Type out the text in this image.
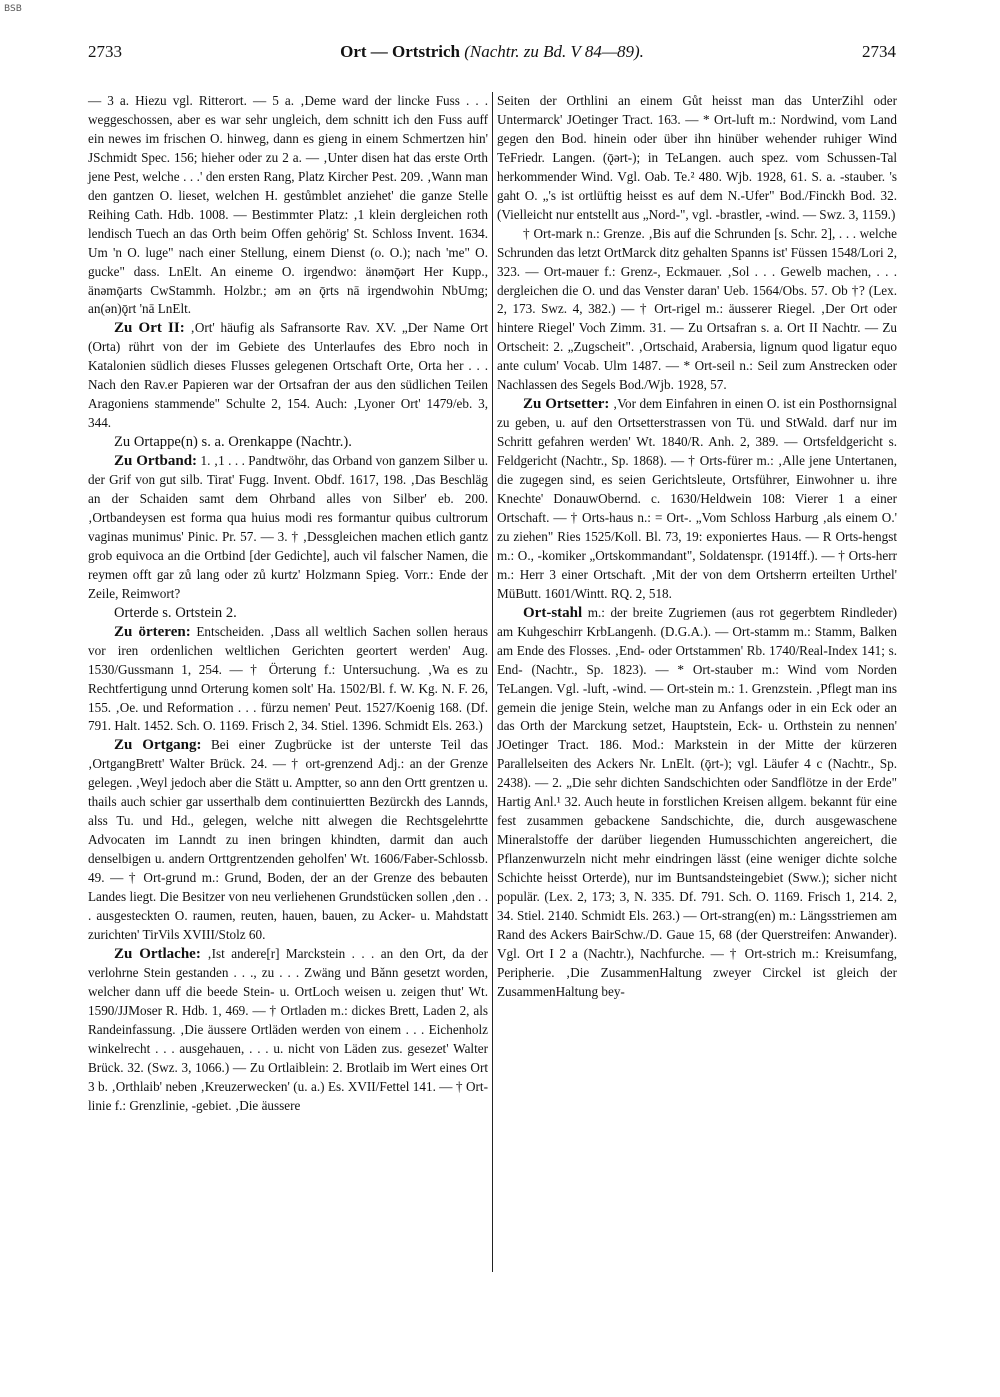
BSB
2733	Ort — Ortstrich (Nachtr. zu Bd. V 84—89).	2734

— 3 a. Hiezu vgl. Ritterort. — 5 a. ‚Deme ward der lincke Fuss . . . weggeschossen, aber es war sehr ungleich, dem schnitt ich den Fuss auff ein newes im frischen O. hinweg, dann es gieng in einem Schmertzen hin' JSchmidt Spec. 156; hieher oder zu 2 a. — ‚Unter disen hat das erste Orth jene Pest, welche . . .' den ersten Rang, Platz Kircher Pest. 209. ‚Wann man den gantzen O. lieset, welchen H. gestůmblet anziehet' die ganze Stelle Reihing Cath. Hdb. 1008. — Bestimmter Platz: ‚1 klein dergleichen roth lendisch Tuech an das Orth beim Offen gehörig' St. Schloss Invent. 1634. Um 'n O. luge" nach einer Stellung, einem Dienst (o. O.); nach 'me" O. gucke" dass. LnElt. An eineme O. irgendwo: änəmǭərt Her Kupp., änəmǭarts CwStammh. Holzbr.; əm ən ǭrts nā irgendwohin NbUmg; an(ən)ǭrt 'nā LnElt.

Zu Ort II: ‚Ort' häufig als Safransorte Rav. XV. „Der Name Ort (Orta) rührt von der im Gebiete des Unterlaufes des Ebro noch in Katalonien südlich dieses Flusses gelegenen Ortschaft Orte, Orta her . . . Nach den Rav.er Papieren war der Ortsafran der aus den südlichen Teilen Aragoniens stammende" Schulte 2, 154. Auch: ‚Lyoner Ort' 1479/eb. 3, 344.

Zu Ortappe(n) s. a. Orenkappe (Nachtr.).

Zu Ortband: 1. ‚1 . . . Pandtwöhr, das Orband von ganzem Silber u. der Grif von gut silb. Tirat' Fugg. Invent. Obdf. 1617, 198. ‚Das Beschläg an der Schaiden samt dem Ohrband alles von Silber' eb. 200. ‚Ortbandeysen est forma qua huius modi res formantur quibus cultrorum vaginas munimus' Pinic. Pr. 57. — 3. † ‚Dessgleichen machen etlich gantz grob equivoca an die Ortbind [der Gedichte], auch vil falscher Namen, die reymen offt gar zů lang oder zů kurtz' Holzmann Spieg. Vorr.: Ende der Zeile, Reimwort?

Orterde s. Ortstein 2.

Zu örteren: Entscheiden. ‚Dass all weltlich Sachen sollen heraus vor iren ordenlichen weltlichen Gerichten geortert werden' Aug. 1530/Gussmann 1, 254. — † Örterung f.: Untersuchung. ‚Wa es zu Rechtfertigung unnd Orterung komen solt' Ha. 1502/Bl. f. W. Kg. N. F. 26, 155. ‚Oe. und Reformation . . . fürzu nemen' Peut. 1527/Koenig 168. (Df. 791. Halt. 1452. Sch. O. 1169. Frisch 2, 34. Stiel. 1396. Schmidt Els. 263.)

Zu Ortgang: Bei einer Zugbrücke ist der unterste Teil das ‚OrtgangBrett' Walter Brück. 24. — † ort-grenzend Adj.: an der Grenze gelegen. ‚Weyl jedoch aber die Stätt u. Amptter, so ann den Ortt grentzen u. thails auch schier gar usserthalb dem continuiertten Bezürckh des Lannds, alss Tu. und Hd., gelegen, welche nitt alwegen die Rechtsgelehrtte Advocaten im Lanndt zu inen bringen khindten, darmit dan auch denselbigen u. andern Orttgrentzenden geholfen' Wt. 1606/Faber-Schlossb. 49. — † Ort-grund m.: Grund, Boden, der an der Grenze des bebauten Landes liegt. Die Besitzer von neu verliehenen Grundstücken sollen ‚den . . . ausgesteckten O. raumen, reuten, hauen, bauen, zu Acker- u. Mahdstatt zurichten' TirVils XVIII/Stolz 60.

Zu Ortlache: ‚Ist andere[r] Marckstein . . . an den Ort, da der verlohrne Stein gestanden . . ., zu . . . Zwäng und Bănn gesetzt worden, welcher dann uff die beede Stein- u. OrtLoch weisen u. zeigen thut' Wt. 1590/JJMoser R. Hdb. 1, 469. — † Ortladen m.: dickes Brett, Laden 2, als Randeinfassung. ‚Die äussere Ortläden werden von einem . . . Eichenholz winkelrecht . . . ausgehauen, . . . u. nicht von Läden zus. gesezet' Walter Brück. 32. (Swz. 3, 1066.) — Zu Ortlaiblein: 2. Brotlaib im Wert eines Ort 3 b. ‚Orthlaib' neben ‚Kreuzerwecken' (u. a.) Es. XVII/Fettel 141. — † Ort-linie f.: Grenzlinie, -gebiet. ‚Die äussere

Seiten der Orthlini an einem Gůt heisst man das UnterZihl oder Untermarck' JOetinger Tract. 163. — * Ort-luft m.: Nordwind, vom Land gegen den Bod. hinein oder über ihn hinüber wehender ruhiger Wind TeFriedr. Langen. (ǭərt-); in TeLangen. auch spez. vom Schussen-Tal herkommender Wind. Vgl. Oab. Te.² 480. Wjb. 1928, 61. S. a. -stauber. 's gaht O. „'s ist ortlüftig heisst es auf dem N.-Ufer" Bod./Finckh Bod. 32. (Vielleicht nur entstellt aus „Nord-", vgl. -brastler, -wind. — Swz. 3, 1159.)

† Ort-mark n.: Grenze. ‚Bis auf die Schrunden [s. Schr. 2], . . . welche Schrunden das letzt OrtMarck ditz gehalten Spanns ist' Füssen 1548/Lori 2, 323. — Ort-mauer f.: Grenz-, Eckmauer. ‚Sol . . . Gewelb machen, . . . dergleichen die O. und das Venster daran' Ueb. 1564/Obs. 57. Ob †? (Lex. 2, 173. Swz. 4, 382.) — † Ort-rigel m.: äusserer Riegel. ‚Der Ort oder hintere Riegel' Voch Zimm. 31. — Zu Ortsafran s. a. Ort II Nachtr. — Zu Ortscheit: 2. „Zugscheit". ‚Ortschaid, Arabersia, lignum quod ligatur equo ante culum' Vocab. Ulm 1487. — * Ort-seil n.: Seil zum Anstrecken oder Nachlassen des Segels Bod./Wjb. 1928, 57.

Zu Ortsetter: ‚Vor dem Einfahren in einen O. ist ein Posthornsignal zu geben, u. auf den Ortsetterstrassen von Tü. und StWald. darf nur im Schritt gefahren werden' Wt. 1840/R. Anh. 2, 389. — Ortsfeldgericht s. Feldgericht (Nachtr., Sp. 1868). — † Orts-fürer m.: ‚Alle jene Untertanen, die zugegen sind, es seien Gerichtsleute, Ortsführer, Einwohner u. ihre Knechte' DonauwObernd. c. 1630/Heldwein 108: Vierer 1 a einer Ortschaft. — † Orts-haus n.: = Ort-. „Vom Schloss Harburg ‚als einem O.' zu ziehen" Ries 1525/Koll. Bl. 73, 19: exponiertes Haus. — R Orts-hengst m.: O., -komiker „Ortskommandant", Soldatenspr. (1914ff.). — † Orts-herr m.: Herr 3 einer Ortschaft. ‚Mit der von dem Ortsherrn erteilten Urthel' MüButt. 1601/Wintt. RQ. 2, 518.

Ort-stahl m.: der breite Zugriemen (aus rot gegerbtem Rindleder) am Kuhgeschirr KrbLangenh. (D.G.A.). — Ort-stamm m.: Stamm, Balken am Ende des Flosses. ‚End- oder Ortstammen' Rb. 1740/Real-Index 141; s. End- (Nachtr., Sp. 1823). — * Ort-stauber m.: Wind vom Norden TeLangen. Vgl. -luft, -wind. — Ort-stein m.: 1. Grenzstein. ‚Pflegt man ins gemein die jenige Stein, welche man zu Anfangs oder in ein Eck oder an das Orth der Marckung setzet, Hauptstein, Eck- u. Orthstein zu nennen' JOetinger Tract. 186. Mod.: Markstein in der Mitte der kürzeren Parallelseiten des Ackers Nr. LnElt. (ǭrt-); vgl. Läufer 4 c (Nachtr., Sp. 2438). — 2. „Die sehr dichten Sandschichten oder Sandflötze in der Erde" Hartig Anl.¹ 32. Auch heute in forstlichen Kreisen allgem. bekannt für eine fest zusammen gebackene Sandschichte, die, durch ausgewaschene Mineralstoffe der darüber liegenden Humusschichten angereichert, die Pflanzenwurzeln nicht mehr eindringen lässt (eine weniger dichte solche Schichte heisst Orterde), nur im Buntsandsteingebiet (Sww.); sicher nicht populär. (Lex. 2, 173; 3, N. 335. Df. 791. Sch. O. 1169. Frisch 1, 214. 2, 34. Stiel. 2140. Schmidt Els. 263.) — Ort-strang(en) m.: Längsstriemen am Rand des Ackers BairSchw./D. Gaue 15, 68 (der Querstreifen: Anwander). Vgl. Ort I 2 a (Nachtr.), Nachfurche. — † Ort-strich m.: Kreisumfang, Peripherie. ‚Die ZusammenHaltung zweyer Circkel ist gleich der ZusammenHaltung bey-
